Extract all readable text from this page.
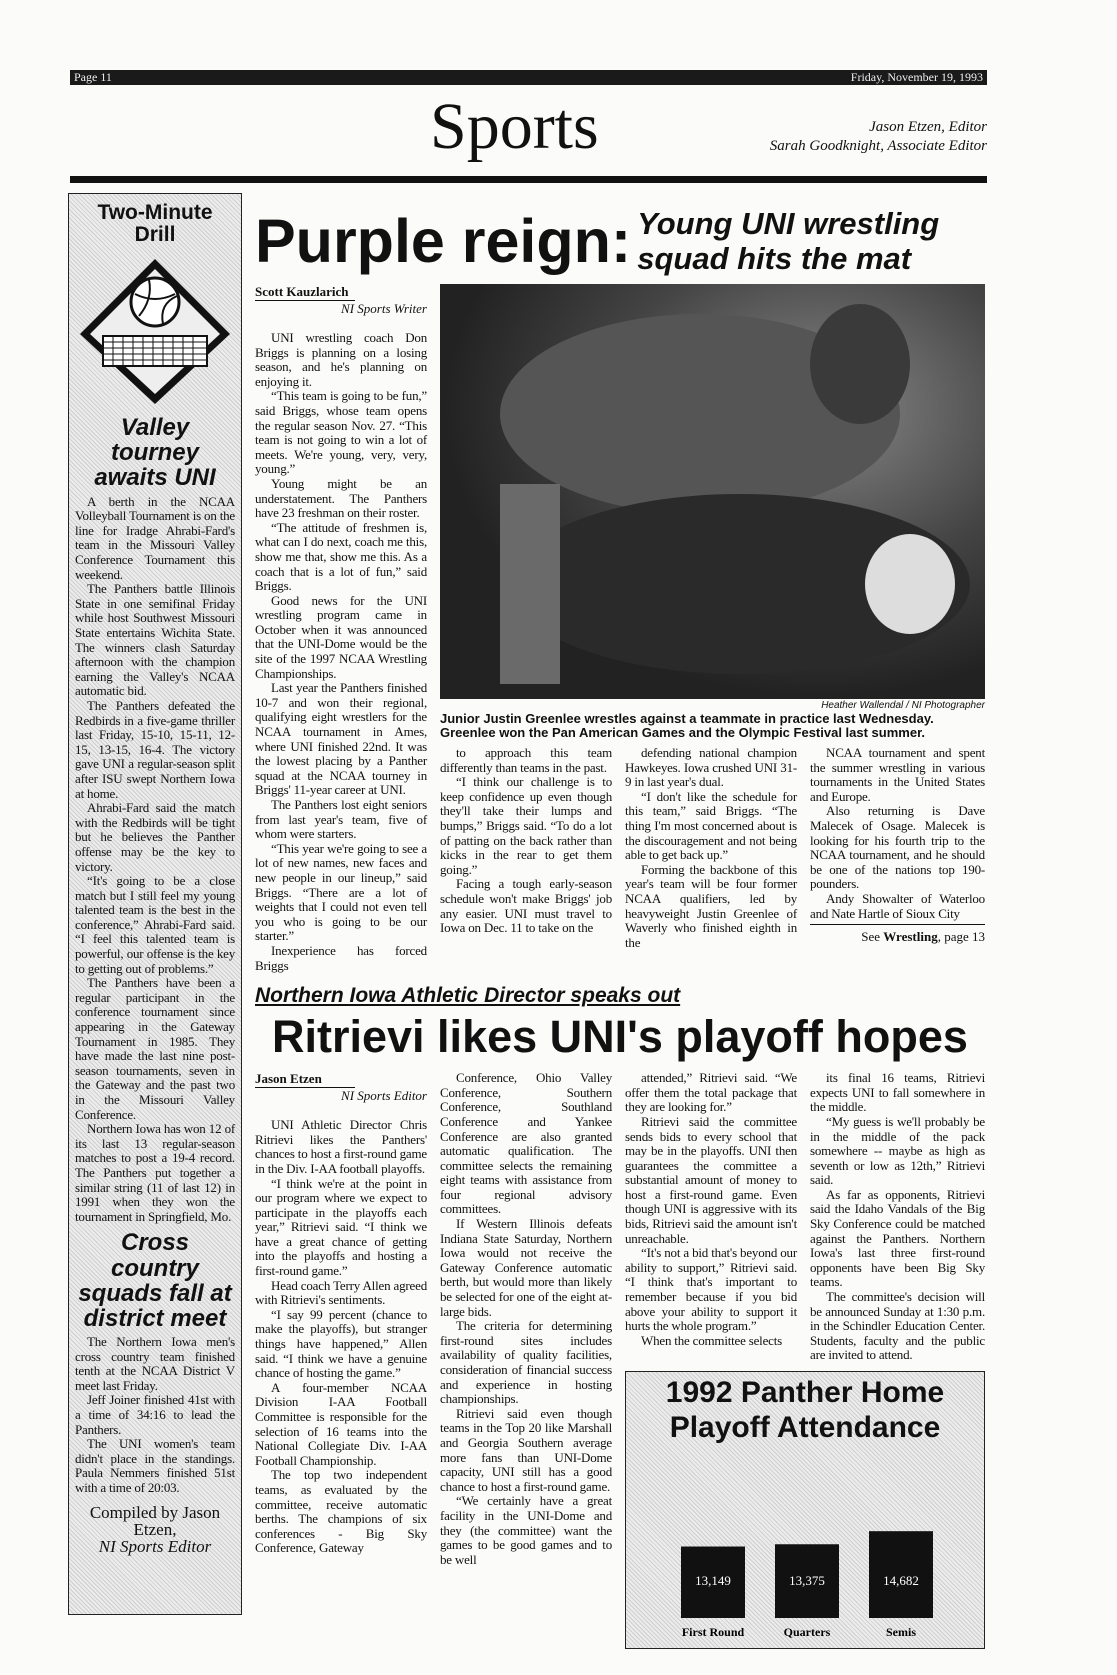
Page 11	Friday, November 19, 1993
Sports	Jason Etzen, Editor
Sarah Goodknight, Associate Editor
Two-Minute Drill
Valley tourney awaits UNI

A berth in the NCAA Volleyball Tournament is on the line for Iradge Ahrabi-Fard's team in the Missouri Valley Conference Tournament this weekend.

The Panthers battle Illinois State in one semifinal Friday while host Southwest Missouri State entertains Wichita State. The winners clash Saturday afternoon with the champion earning the Valley's NCAA automatic bid.

The Panthers defeated the Redbirds in a five-game thriller last Friday, 15-10, 15-11, 12-15, 13-15, 16-4. The victory gave UNI a regular-season split after ISU swept Northern Iowa at home.

Ahrabi-Fard said the match with the Redbirds will be tight but he believes the Panther offense may be the key to victory.

“It's going to be a close match but I still feel my young talented team is the best in the conference,” Ahrabi-Fard said. “I feel this talented team is powerful, our offense is the key to getting out of problems.”

The Panthers have been a regular participant in the conference tournament since appearing in the Gateway Tournament in 1985. They have made the last nine post-season tournaments, seven in the Gateway and the past two in the Missouri Valley Conference.

Northern Iowa has won 12 of its last 13 regular-season matches to post a 19-4 record. The Panthers put together a similar string (11 of last 12) in 1991 when they won the tournament in Springfield, Mo.

Cross country squads fall at district meet

The Northern Iowa men's cross country team finished tenth at the NCAA District V meet last Friday.

Jeff Joiner finished 41st with a time of 34:16 to lead the Panthers.

The UNI women's team didn't place in the standings. Paula Nemmers finished 51st with a time of 20:03.

Compiled by Jason Etzen,
NI Sports Editor
Purple reign: Young UNI wrestling
squad hits the mat
Scott Kauzlarich
NI Sports Writer

UNI wrestling coach Don Briggs is planning on a losing season, and he's planning on enjoying it.

“This team is going to be fun,” said Briggs, whose team opens the regular season Nov. 27. “This team is not going to win a lot of meets. We're young, very, very, young.”

Young might be an understatement. The Panthers have 23 freshman on their roster.

“The attitude of freshmen is, what can I do next, coach me this, show me that, show me this. As a coach that is a lot of fun,” said Briggs.

Good news for the UNI wrestling program came in October when it was announced that the UNI-Dome would be the site of the 1997 NCAA Wrestling Championships.

Last year the Panthers finished 10-7 and won their regional, qualifying eight wrestlers for the NCAA tournament in Ames, where UNI finished 22nd. It was the lowest placing by a Panther squad at the NCAA tourney in Briggs' 11-year career at UNI.

The Panthers lost eight seniors from last year's team, five of whom were starters.

“This year we're going to see a lot of new names, new faces and new people in our lineup,” said Briggs. “There are a lot of weights that I could not even tell you who is going to be our starter.”

Inexperience has forced Briggs

Heather Wallendal / NI Photographer
Junior Justin Greenlee wrestles against a teammate in practice last Wednesday. Greenlee won the Pan American Games and the Olympic Festival last summer.

to approach this team differently than teams in the past.

“I think our challenge is to keep confidence up even though they'll take their lumps and bumps,” Briggs said. “To do a lot of patting on the back rather than kicks in the rear to get them going.”

Facing a tough early-season schedule won't make Briggs' job any easier. UNI must travel to Iowa on Dec. 11 to take on the

defending national champion Hawkeyes. Iowa crushed UNI 31-9 in last year's dual.

“I don't like the schedule for this team,” said Briggs. “The thing I'm most concerned about is the discouragement and not being able to get back up.”

Forming the backbone of this year's team will be four former NCAA qualifiers, led by heavyweight Justin Greenlee of Waverly who finished eighth in the

NCAA tournament and spent the summer wrestling in various tournaments in the United States and Europe.

Also returning is Dave Malecek of Osage. Malecek is looking for his fourth trip to the NCAA tournament, and he should be one of the nations top 190-pounders.

Andy Showalter of Waterloo and Nate Hartle of Sioux City

See Wrestling, page 13
Northern Iowa Athletic Director speaks out
Ritrievi likes UNI's playoff hopes
Jason Etzen
NI Sports Editor

UNI Athletic Director Chris Ritrievi likes the Panthers' chances to host a first-round game in the Div. I-AA football playoffs.

“I think we're at the point in our program where we expect to participate in the playoffs each year,” Ritrievi said. “I think we have a great chance of getting into the playoffs and hosting a first-round game.”

Head coach Terry Allen agreed with Ritrievi's sentiments.

“I say 99 percent (chance to make the playoffs), but stranger things have happened,” Allen said. “I think we have a genuine chance of hosting the game.”

A four-member NCAA Division I-AA Football Committee is responsible for the selection of 16 teams into the National Collegiate Div. I-AA Football Championship.

The top two independent teams, as evaluated by the committee, receive automatic berths. The champions of six conferences - Big Sky Conference, Gateway

Conference, Ohio Valley Conference, Southern Conference, Southland Conference and Yankee Conference are also granted automatic qualification. The committee selects the remaining eight teams with assistance from four regional advisory committees.

If Western Illinois defeats Indiana State Saturday, Northern Iowa would not receive the Gateway Conference automatic berth, but would more than likely be selected for one of the eight at-large bids.

The criteria for determining first-round sites includes availability of quality facilities, consideration of financial success and experience in hosting championships.

Ritrievi said even though teams in the Top 20 like Marshall and Georgia Southern average more fans than UNI-Dome capacity, UNI still has a good chance to host a first-round game.

“We certainly have a great facility in the UNI-Dome and they (the committee) want the games to be good games and to be well

attended,” Ritrievi said. “We offer them the total package that they are looking for.”

Ritrievi said the committee sends bids to every school that may be in the playoffs. UNI then guarantees the committee a substantial amount of money to host a first-round game. Even though UNI is aggressive with its bids, Ritrievi said the amount isn't unreachable.

“It's not a bid that's beyond our ability to support,” Ritrievi said. “I think that's important to remember because if you bid above your ability to support it hurts the whole program.”

When the committee selects

its final 16 teams, Ritrievi expects UNI to fall somewhere in the middle.

“My guess is we'll probably be in the middle of the pack somewhere -- maybe as high as seventh or low as 12th,” Ritrievi said.

As far as opponents, Ritrievi said the Idaho Vandals of the Big Sky Conference could be matched against the Panthers. Northern Iowa's last three first-round opponents have been Big Sky teams.

The committee's decision will be announced Sunday at 1:30 p.m. in the Schindler Education Center. Students, faculty and the public are invited to attend.

1992 Panther Home Playoff Attendance
13,149
First Round
13,375
Quarters
14,682
Semis
